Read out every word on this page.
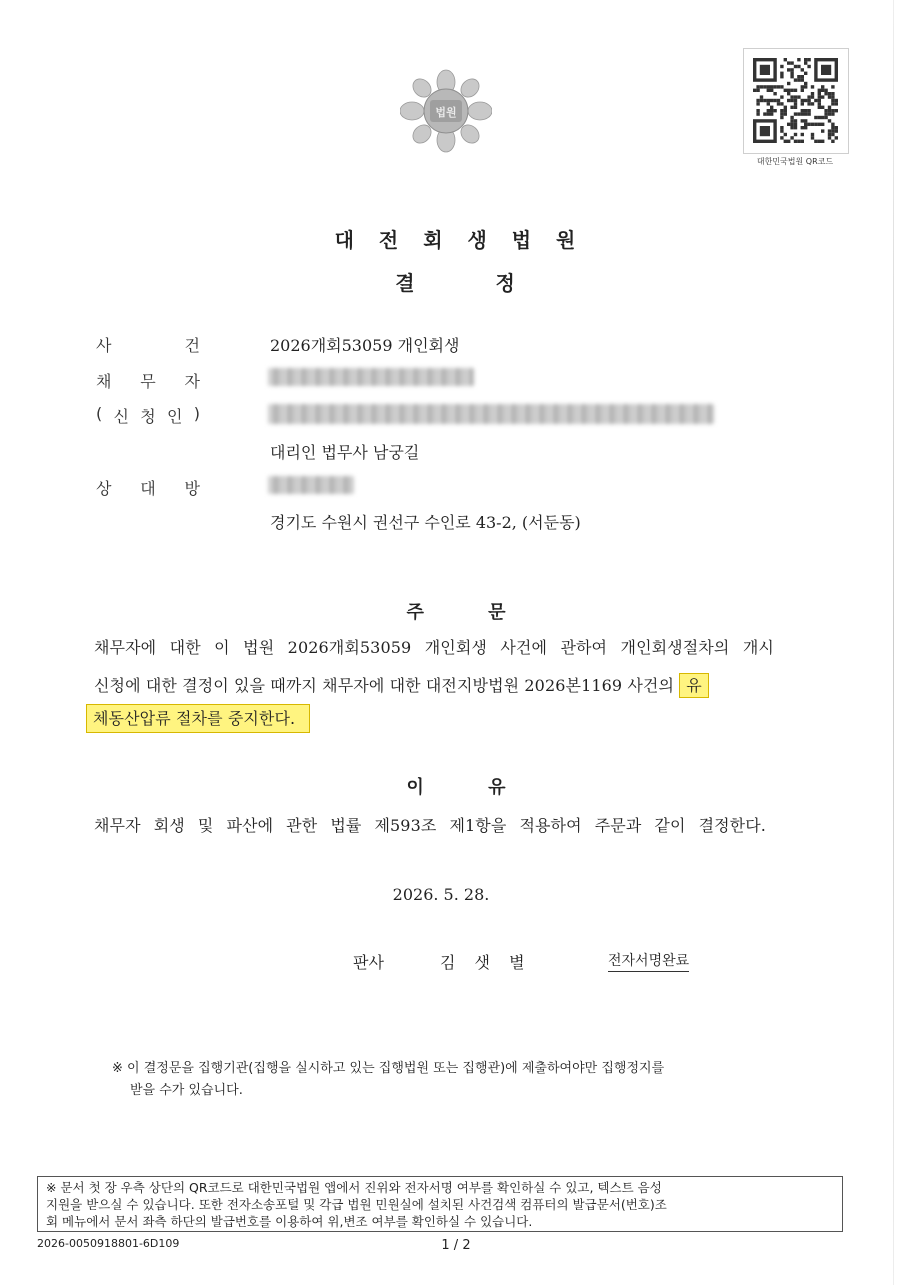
법원
대한민국법원 QR코드
대 전 회 생 법 원
결 정
사	건	2026개회53059 개인회생
채 무 자
( 신 청 인 )
대리인 법무사 남궁길
상 대 방
경기도 수원시 권선구 수인로 43-2, (서둔동)
주 문
채무자에 대한 이 법원 2026개회53059 개인회생 사건에 관하여 개인회생절차의 개시
신청에 대한 결정이 있을 때까지 채무자에 대한 대전지방법원 2026본1169 사건의 유
체동산압류 절차를 중지한다.
이 유
채무자 회생 및 파산에 관한 법률 제593조 제1항을 적용하여 주문과 같이 결정한다.
2026. 5. 28.
판사	김 샛 별	전자서명완료
※ 이 결정문을 집행기관(집행을 실시하고 있는 집행법원 또는 집행관)에 제출하여야만 집행정지를
받을 수가 있습니다.
※ 문서 첫 장 우측 상단의 QR코드로 대한민국법원 앱에서 진위와 전자서명 여부를 확인하실 수 있고, 텍스트 음성
지원을 받으실 수 있습니다. 또한 전자소송포털 및 각급 법원 민원실에 설치된 사건검색 컴퓨터의 발급문서(번호)조
회 메뉴에서 문서 좌측 하단의 발급번호를 이용하여 위,변조 여부를 확인하실 수 있습니다.
2026-0050918801-6D109	1 / 2
